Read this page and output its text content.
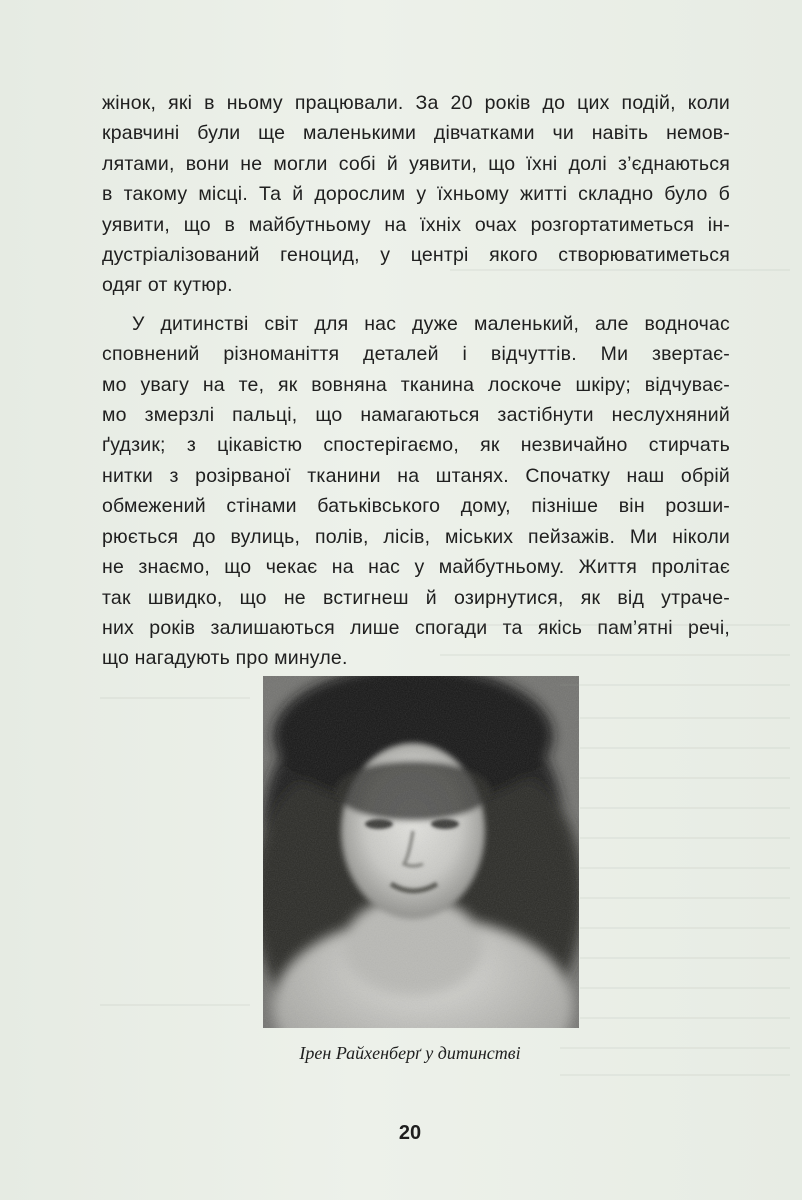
жінок, які в ньому працювали. За 20 років до цих подій, коли
кравчині були ще маленькими дівчатками чи навіть немов-
лятами, вони не могли собі й уявити, що їхні долі з’єднаються
в такому місці. Та й дорослим у їхньому житті складно було б
уявити, що в майбутньому на їхніх очах розгортатиметься ін-
дустріалізований геноцид, у центрі якого створюватиметься
одяг от кутюр.

У дитинстві світ для нас дуже маленький, але водночас
сповнений різноманіття деталей і відчуттів. Ми звертає-
мо увагу на те, як вовняна тканина лоскоче шкіру; відчуває-
мо змерзлі пальці, що намагаються застібнути неслухняний
ґудзик; з цікавістю спостерігаємо, як незвичайно стирчать
нитки з розірваної тканини на штанях. Спочатку наш обрій
обмежений стінами батьківського дому, пізніше він розши-
рюється до вулиць, полів, лісів, міських пейзажів. Ми ніколи
не знаємо, що чекає на нас у майбутньому. Життя пролітає
так швидко, що не встигнеш й озирнутися, як від утраче-
них років залишаються лише спогади та якісь пам’ятні речі,
що нагадують про минуле.

Ірен Райхенберґ у дитинстві
20
